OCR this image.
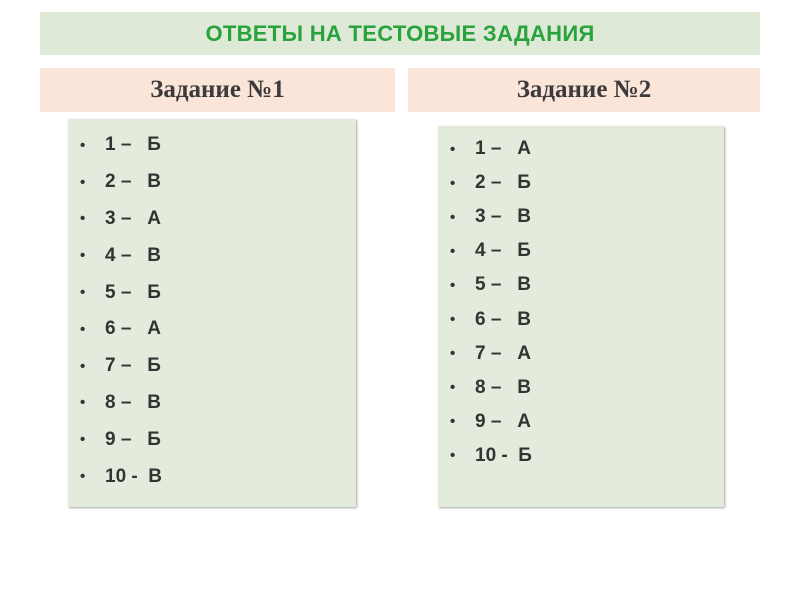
ОТВЕТЫ НА ТЕСТОВЫЕ ЗАДАНИЯ
Задание №1	Задание №2
•	1 –   Б
•	2 –   В
•	3 –   А
•	4 –   В
•	5 –   Б
•	6 –   А
•	7 –   Б
•	8 –   В
•	9 –   Б
•	10 -  В
•	1 –   А
•	2 –   Б
•	3 –   В
•	4 –   Б
•	5 –   В
•	6 –   В
•	7 –   А
•	8 –   В
•	9 –   А
•	10 -  Б
